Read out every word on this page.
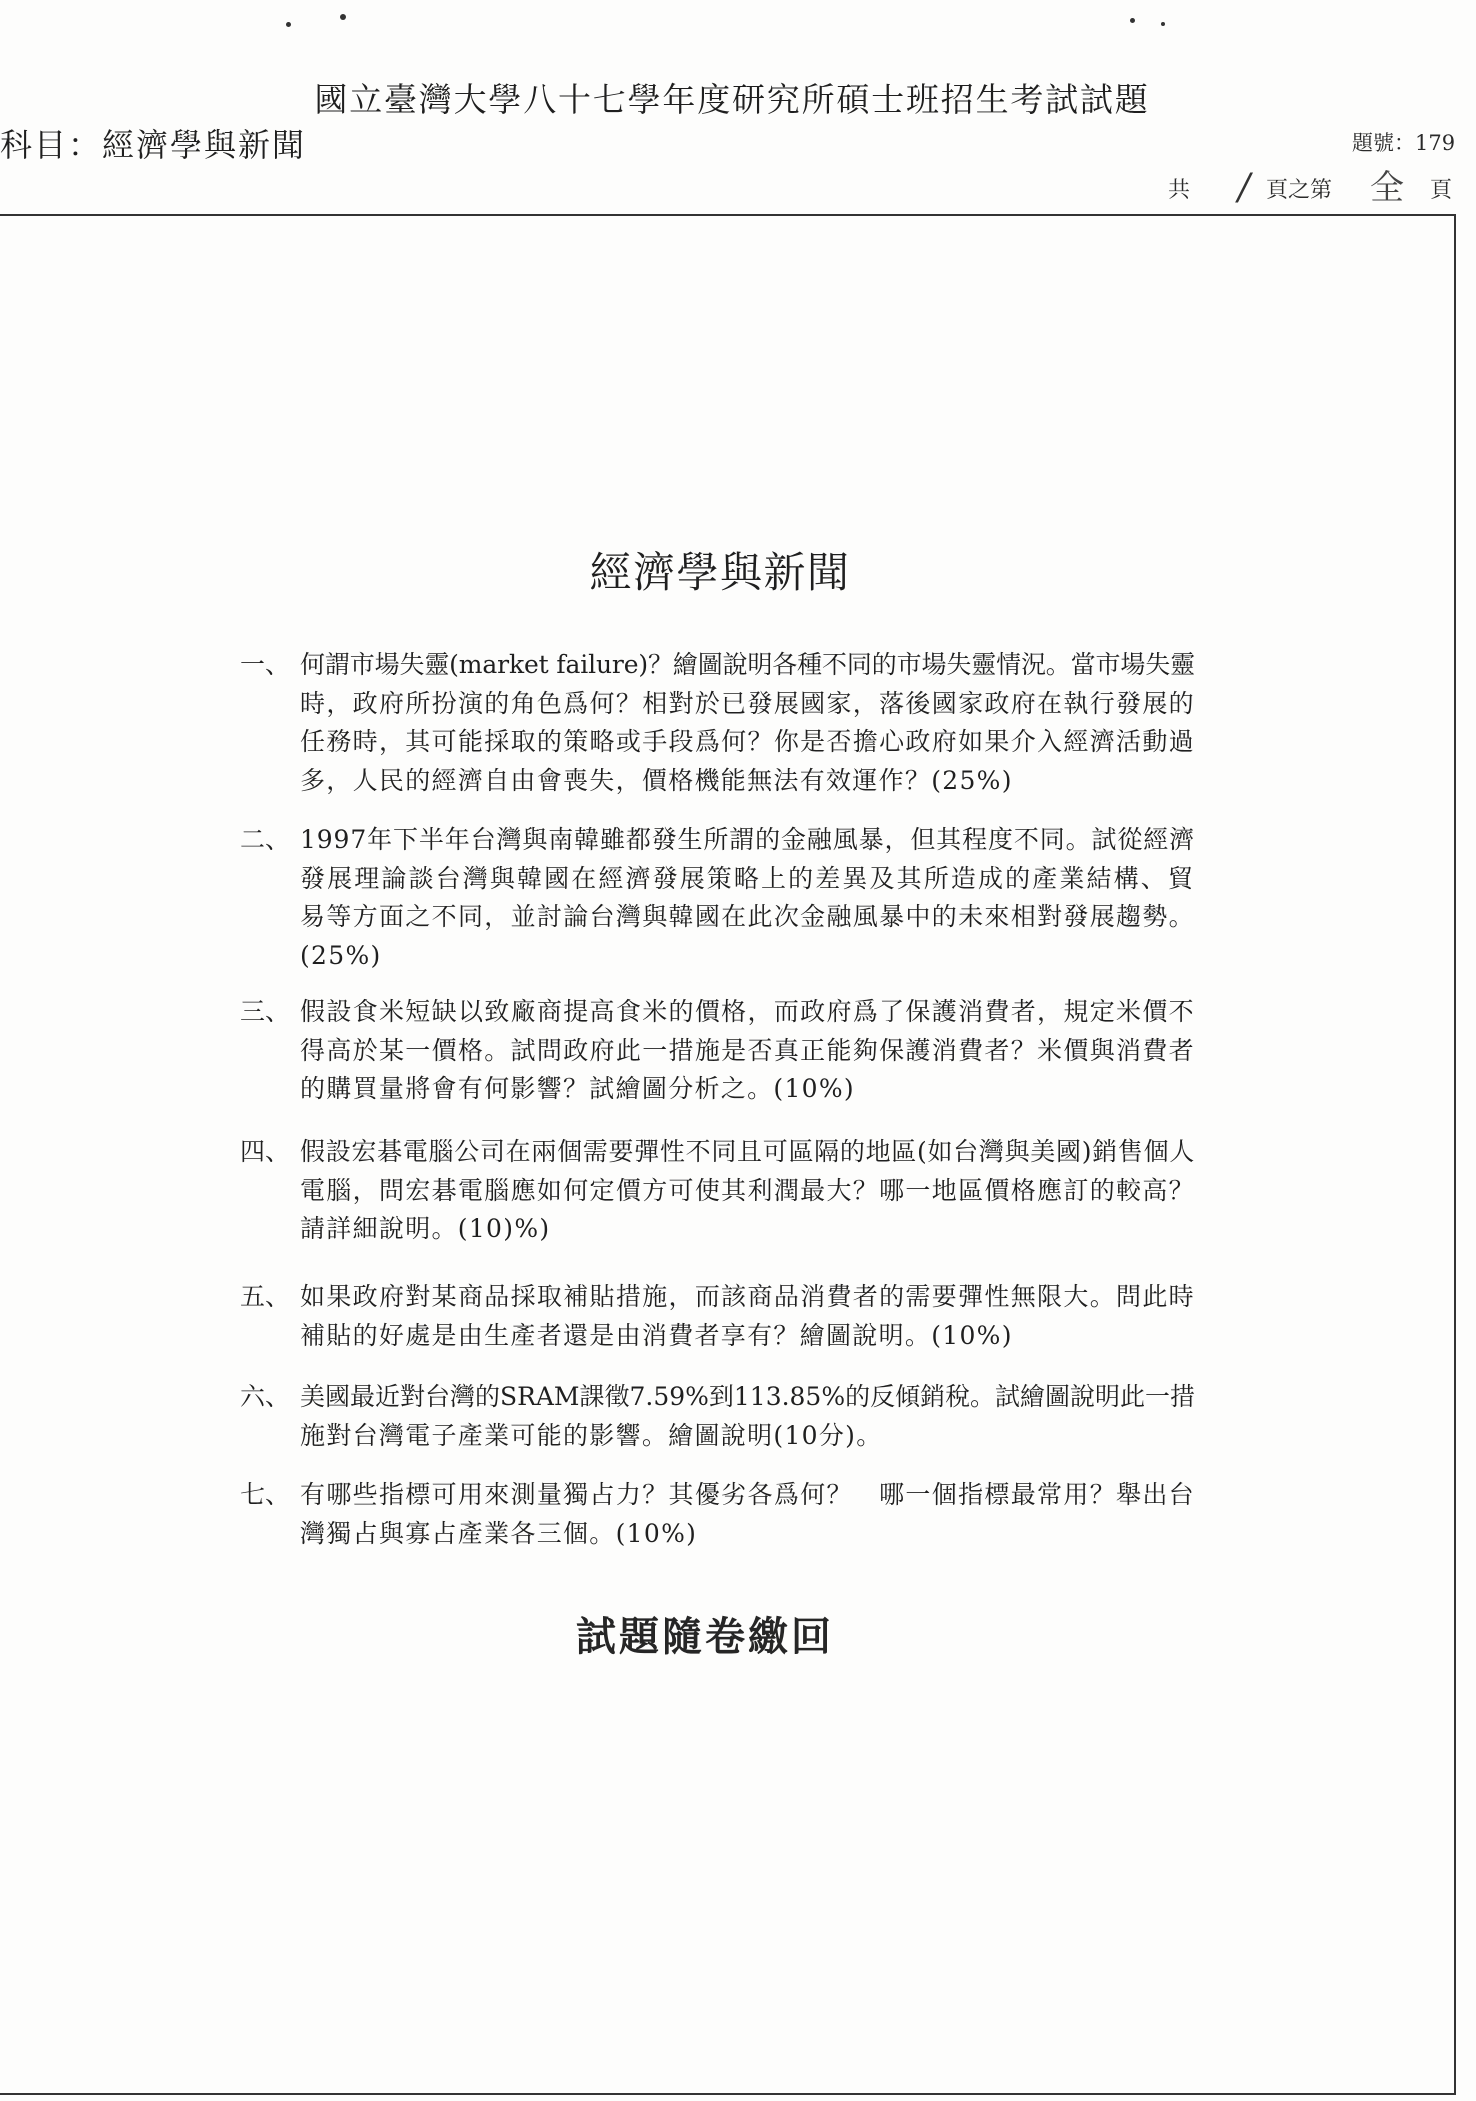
國立臺灣大學八十七學年度研究所碩士班招生考試試題
科目：經濟學與新聞	題號：179
共 / 頁之第 全 頁
經濟學與新聞
一、 何謂市場失靈(market failure)？繪圖說明各種不同的市場失靈情況。當市場失靈
時，政府所扮演的角色爲何？相對於已發展國家，落後國家政府在執行發展的
任務時，其可能採取的策略或手段爲何？你是否擔心政府如果介入經濟活動過
多，人民的經濟自由會喪失，價格機能無法有效運作？(25%)
二、 1997年下半年台灣與南韓雖都發生所謂的金融風暴，但其程度不同。試從經濟
發展理論談台灣與韓國在經濟發展策略上的差異及其所造成的產業結構、貿
易等方面之不同，並討論台灣與韓國在此次金融風暴中的未來相對發展趨勢。
(25%)
三、 假設食米短缺以致廠商提高食米的價格，而政府爲了保護消費者，規定米價不
得高於某一價格。試問政府此一措施是否真正能夠保護消費者？米價與消費者
的購買量將會有何影響？試繪圖分析之。(10%)
四、 假設宏碁電腦公司在兩個需要彈性不同且可區隔的地區(如台灣與美國)銷售個人
電腦，問宏碁電腦應如何定價方可使其利潤最大？哪一地區價格應訂的較高？
請詳細說明。(10)%)
五、 如果政府對某商品採取補貼措施，而該商品消費者的需要彈性無限大。問此時
補貼的好處是由生產者還是由消費者享有？繪圖說明。(10%)
六、 美國最近對台灣的SRAM課徵7.59%到113.85%的反傾銷稅。試繪圖說明此一措
施對台灣電子產業可能的影響。繪圖說明(10分)。
七、 有哪些指標可用來測量獨占力？其優劣各爲何？　哪一個指標最常用？舉出台
灣獨占與寡占產業各三個。(10%)
試題隨卷繳回
